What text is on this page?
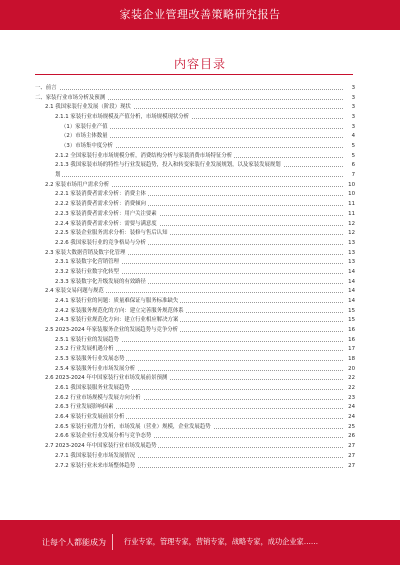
家装企业管理改善策略研究报告
内容目录
一、前言	3
二、家装行业市场分析及预测	3
2.1 我国家装行业发展（阶段）现状	3
2.1.1 家装行业市场规模及产值分析，市场规模现状分析	3
（1）家装行业产值	3
（2）市场主体数量	4
（3）市场集中度分析	5
2.1.2 全国家装行业市场规模分析，消费结构分析与家装消费市场特征分析	5
2.1.3 我国家装市场的特性与行业发展趋势，投入和转变家装行业发展规划，以及家装发展规划	6
划	7
2.2 家装市场用户需求分析	10
2.2.1 家装消费者需求分析：消费主体	10
2.2.2 家装消费者需求分析：消费倾向	11
2.2.3 家装消费者需求分析：用户关注要素	11
2.2.4 家装消费者需求分析：需要与满意度	12
2.2.5 家装企业服务需求分析：装修与售后认知	12
2.2.6 我国家装行业的竞争格局与分析	13
2.3 家装大数据营销及数字化管理	13
2.3.1 家装数字化营销管理	13
2.3.2 家装行业数字化转型	14
2.3.3 家装数字化升级发展的有效路径	14
2.4 家装交易问题与规范	14
2.4.1 家装行业的问题：质量难保证与服务标准缺失	14
2.4.2 家装服务规范化的方向：建立完善服务规范体系	15
2.4.3 家装行业规范化方向：建立行业相应解决方案	15
2.5 2023-2024 年家装服务企业的发展趋势与竞争分析	16
2.5.1 家装行业的发展趋势	16
2.5.2 行业发展机遇分析	17
2.5.3 家装服务行业发展态势	18
2.5.4 家装服务行业市场发展分析	20
2.6 2023-2024 年中国家装行业市场发展前景预测	22
2.6.1 我国家装服务业发展趋势	22
2.6.2 行业市场规模与发展方向分析	23
2.6.3 行业发展影响因素	24
2.6.4 家装行业发展前景分析	24
2.6.5 家装行业潜力分析，市场发展（营业）规模，企业发展趋势	25
2.6.6 家装企业行业发展分析与竞争态势	26
2.7 2023-2024 年中国家装行业市场发展趋势	27
2.7.1 我国家装行业市场发展情况	27
2.7.2 家装行业未来市场整体趋势	27
让每个人都能成为	行业专家，管理专家，营销专家，战略专家，成功企业家……
